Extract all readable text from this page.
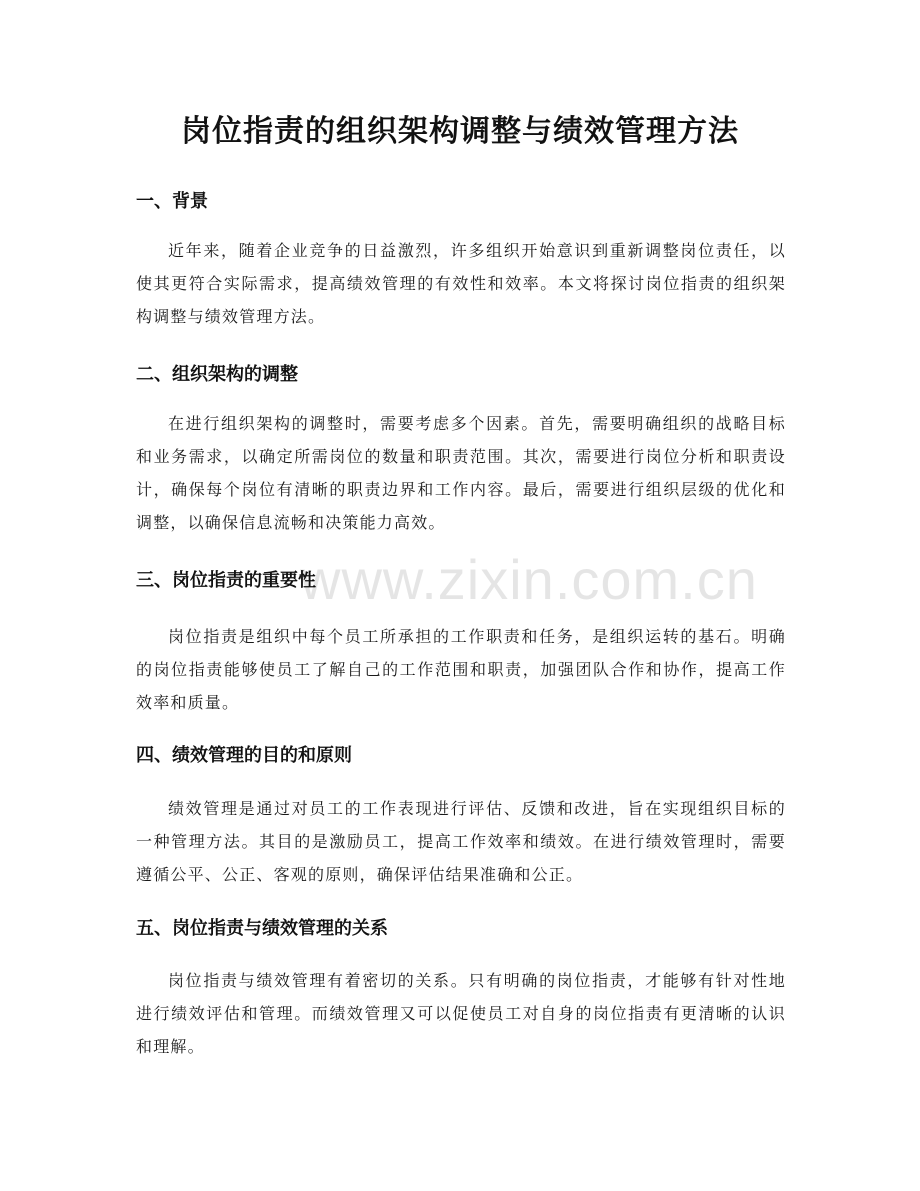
岗位指责的组织架构调整与绩效管理方法
一、背景

近年来，随着企业竞争的日益激烈，许多组织开始意识到重新调整岗位责任，以使其更符合实际需求，提高绩效管理的有效性和效率。本文将探讨岗位指责的组织架构调整与绩效管理方法。

二、组织架构的调整

在进行组织架构的调整时，需要考虑多个因素。首先，需要明确组织的战略目标和业务需求，以确定所需岗位的数量和职责范围。其次，需要进行岗位分析和职责设计，确保每个岗位有清晰的职责边界和工作内容。最后，需要进行组织层级的优化和调整，以确保信息流畅和决策能力高效。

三、岗位指责的重要性

岗位指责是组织中每个员工所承担的工作职责和任务，是组织运转的基石。明确的岗位指责能够使员工了解自己的工作范围和职责，加强团队合作和协作，提高工作效率和质量。

四、绩效管理的目的和原则

绩效管理是通过对员工的工作表现进行评估、反馈和改进，旨在实现组织目标的一种管理方法。其目的是激励员工，提高工作效率和绩效。在进行绩效管理时，需要遵循公平、公正、客观的原则，确保评估结果准确和公正。

五、岗位指责与绩效管理的关系

岗位指责与绩效管理有着密切的关系。只有明确的岗位指责，才能够有针对性地进行绩效评估和管理。而绩效管理又可以促使员工对自身的岗位指责有更清晰的认识和理解。

www.zixin.com.cn
